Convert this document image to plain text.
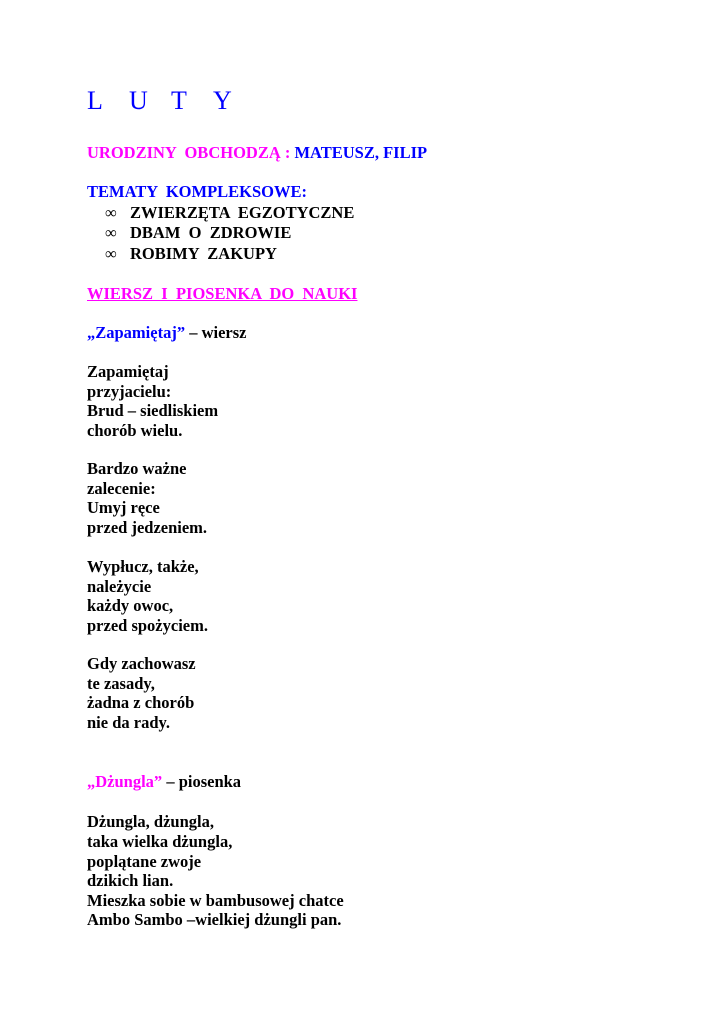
L U T Y
URODZINY  OBCHODZĄ : MATEUSZ, FILIP
TEMATY  KOMPLEKSOWE:
∞ ZWIERZĘTA  EGZOTYCZNE
∞ DBAM  O  ZDROWIE
∞ ROBIMY  ZAKUPY
WIERSZ  I  PIOSENKA  DO  NAUKI
„Zapamiętaj” – wiersz
Zapamiętaj
przyjacielu:
Brud – siedliskiem
chorób wielu.
Bardzo ważne
zalecenie:
Umyj ręce
przed jedzeniem.
Wypłucz, także,
należycie
każdy owoc,
przed spożyciem.
Gdy zachowasz
te zasady,
żadna z chorób
nie da rady.
„Dżungla” – piosenka
Dżungla, dżungla,
taka wielka dżungla,
poplątane zwoje
dzikich lian.
Mieszka sobie w bambusowej chatce
Ambo Sambo –wielkiej dżungli pan.
